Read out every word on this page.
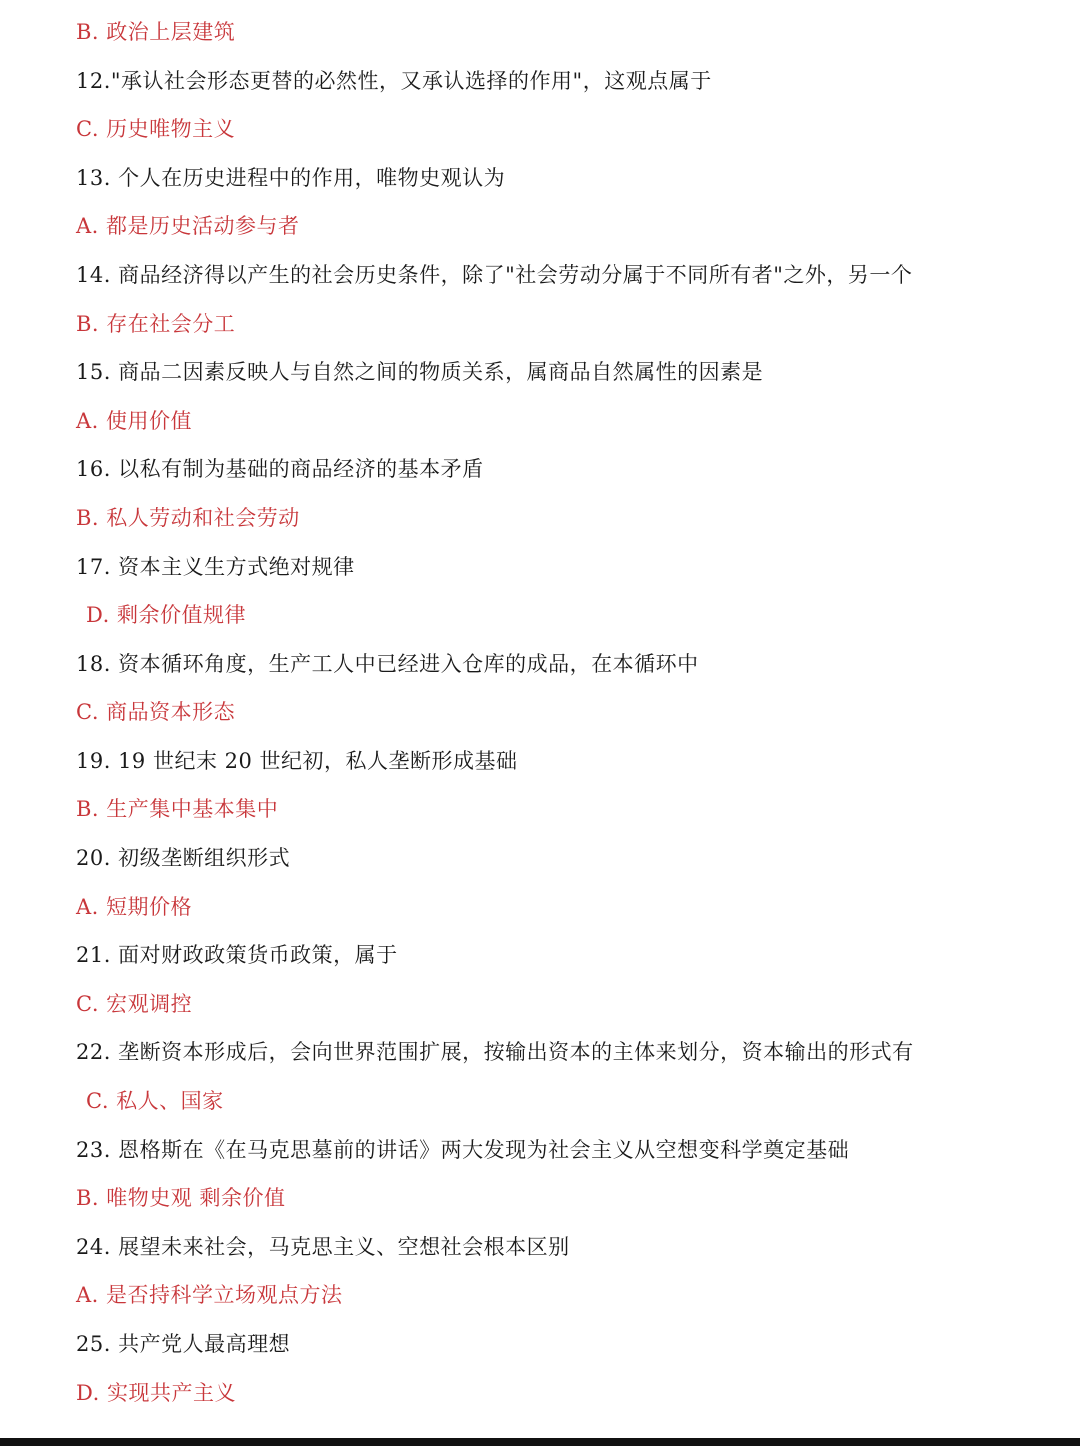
B. 政治上层建筑
12."承认社会形态更替的必然性，又承认选择的作用"，这观点属于
C. 历史唯物主义
13. 个人在历史进程中的作用，唯物史观认为
A. 都是历史活动参与者
14. 商品经济得以产生的社会历史条件，除了"社会劳动分属于不同所有者"之外，另一个
B. 存在社会分工
15. 商品二因素反映人与自然之间的物质关系，属商品自然属性的因素是
A. 使用价值
16. 以私有制为基础的商品经济的基本矛盾
B. 私人劳动和社会劳动
17. 资本主义生方式绝对规律
D. 剩余价值规律
18. 资本循环角度，生产工人中已经进入仓库的成品，在本循环中
C. 商品资本形态
19. 19 世纪末 20 世纪初，私人垄断形成基础
B. 生产集中基本集中
20. 初级垄断组织形式
A. 短期价格
21. 面对财政政策货币政策，属于
C. 宏观调控
22. 垄断资本形成后，会向世界范围扩展，按输出资本的主体来划分，资本输出的形式有
C. 私人、国家
23. 恩格斯在《在马克思墓前的讲话》两大发现为社会主义从空想变科学奠定基础
B. 唯物史观 剩余价值
24. 展望未来社会，马克思主义、空想社会根本区别
A. 是否持科学立场观点方法
25. 共产党人最高理想
D. 实现共产主义
